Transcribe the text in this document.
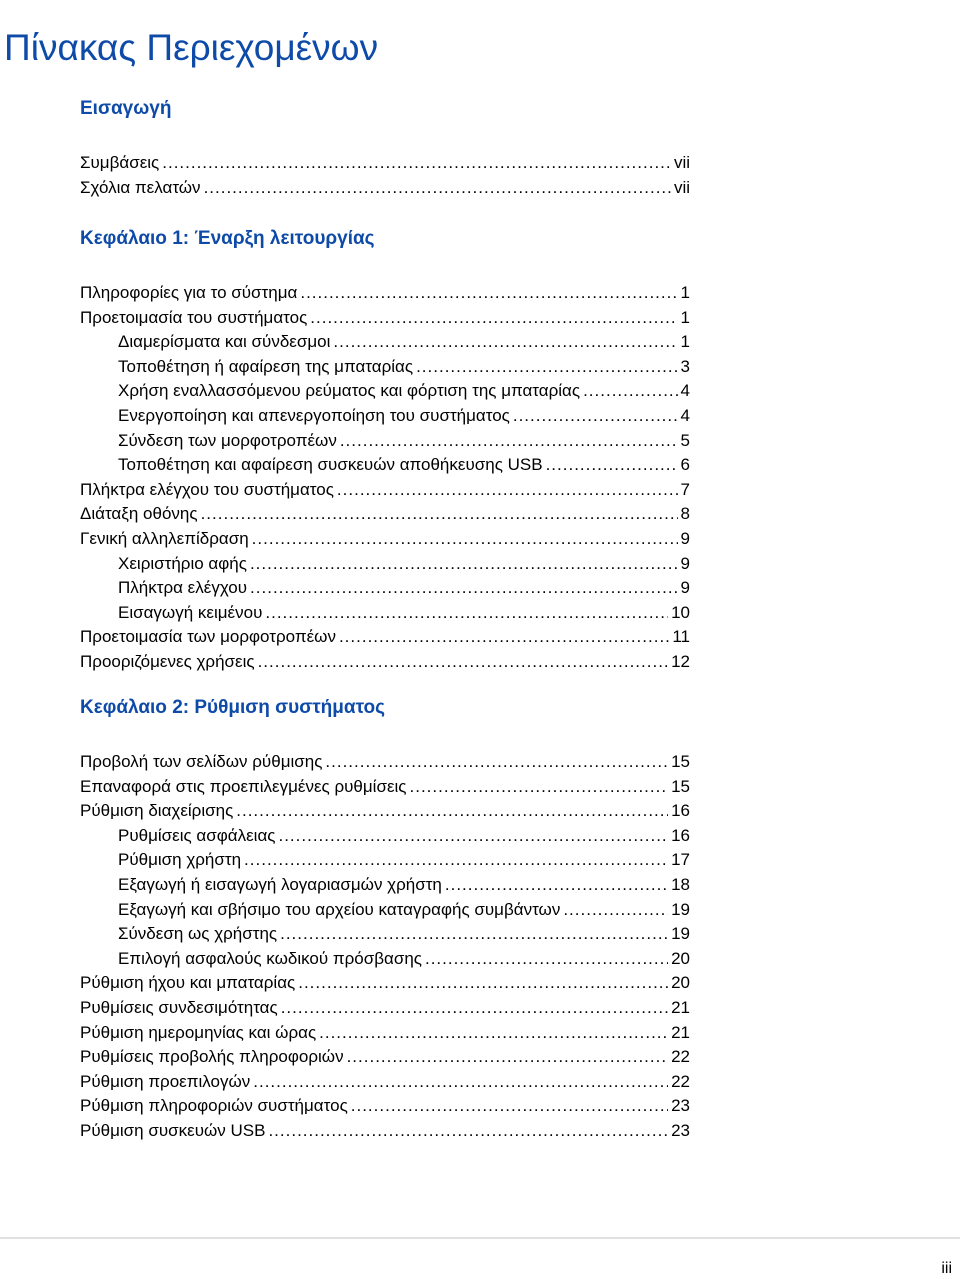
Πίνακας Περιεχομένων
Εισαγωγή
Συμβάσεις .....	vii
Σχόλια πελατών .....	vii
Κεφάλαιο 1: Έναρξη λειτουργίας
Πληροφορίες για το σύστημα .....	1
Προετοιμασία του συστήματος .....	1
Διαμερίσματα και σύνδεσμοι .....	1
Τοποθέτηση ή αφαίρεση της μπαταρίας .....	3
Χρήση εναλλασσόμενου ρεύματος και φόρτιση της μπαταρίας .....	4
Ενεργοποίηση και απενεργοποίηση του συστήματος .....	4
Σύνδεση των μορφοτροπέων .....	5
Τοποθέτηση και αφαίρεση συσκευών αποθήκευσης USB .....	6
Πλήκτρα ελέγχου του συστήματος .....	7
Διάταξη οθόνης .....	8
Γενική αλληλεπίδραση .....	9
Χειριστήριο αφής .....	9
Πλήκτρα ελέγχου .....	9
Εισαγωγή κειμένου .....	10
Προετοιμασία των μορφοτροπέων .....	11
Προοριζόμενες χρήσεις .....	12
Κεφάλαιο 2: Ρύθμιση συστήματος
Προβολή των σελίδων ρύθμισης .....	15
Επαναφορά στις προεπιλεγμένες ρυθμίσεις .....	15
Ρύθμιση διαχείρισης .....	16
Ρυθμίσεις ασφάλειας .....	16
Ρύθμιση χρήστη .....	17
Εξαγωγή ή εισαγωγή λογαριασμών χρήστη .....	18
Εξαγωγή και σβήσιμο του αρχείου καταγραφής συμβάντων .....	19
Σύνδεση ως χρήστης .....	19
Επιλογή ασφαλούς κωδικού πρόσβασης .....	20
Ρύθμιση ήχου και μπαταρίας .....	20
Ρυθμίσεις συνδεσιμότητας .....	21
Ρύθμιση ημερομηνίας και ώρας .....	21
Ρυθμίσεις προβολής πληροφοριών .....	22
Ρύθμιση προεπιλογών .....	22
Ρύθμιση πληροφοριών συστήματος .....	23
Ρύθμιση συσκευών USB .....	23
iii
